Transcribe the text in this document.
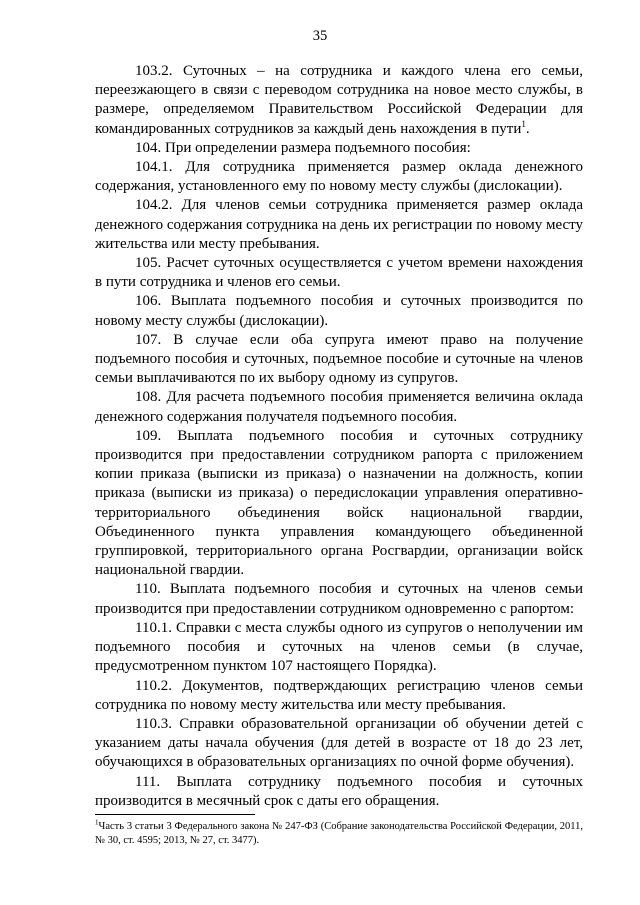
35

103.2. Суточных – на сотрудника и каждого члена его семьи, переезжающего в связи с переводом сотрудника на новое место службы, в размере, определяемом Правительством Российской Федерации для командированных сотрудников за каждый день нахождения в пути$^1$.

104. При определении размера подъемного пособия:

104.1. Для сотрудника применяется размер оклада денежного содержания, установленного ему по новому месту службы (дислокации).

104.2. Для членов семьи сотрудника применяется размер оклада денежного содержания сотрудника на день их регистрации по новому месту жительства или месту пребывания.

105. Расчет суточных осуществляется с учетом времени нахождения в пути сотрудника и членов его семьи.

106. Выплата подъемного пособия и суточных производится по новому месту службы (дислокации).

107. В случае если оба супруга имеют право на получение подъемного пособия и суточных, подъемное пособие и суточные на членов семьи выплачиваются по их выбору одному из супругов.

108. Для расчета подъемного пособия применяется величина оклада денежного содержания получателя подъемного пособия.

109. Выплата подъемного пособия и суточных сотруднику производится при предоставлении сотрудником рапорта с приложением копии приказа (выписки из приказа) о назначении на должность, копии приказа (выписки из приказа) о передислокации управления оперативно-территориального объединения войск национальной гвардии, Объединенного пункта управления командующего объединенной группировкой, территориального органа Росгвардии, организации войск национальной гвардии.

110. Выплата подъемного пособия и суточных на членов семьи производится при предоставлении сотрудником одновременно с рапортом:

110.1. Справки с места службы одного из супругов о неполучении им подъемного пособия и суточных на членов семьи (в случае, предусмотренном пунктом 107 настоящего Порядка).

110.2. Документов, подтверждающих регистрацию членов семьи сотрудника по новому месту жительства или месту пребывания.

110.3. Справки образовательной организации об обучении детей с указанием даты начала обучения (для детей в возрасте от 18 до 23 лет, обучающихся в образовательных организациях по очной форме обучения).

111. Выплата сотруднику подъемного пособия и суточных производится в месячный срок с даты его обращения.

$^1$Часть 3 статьи 3 Федерального закона № 247-ФЗ (Собрание законодательства Российской Федерации, 2011, № 30, ст. 4595; 2013, № 27, ст. 3477).
